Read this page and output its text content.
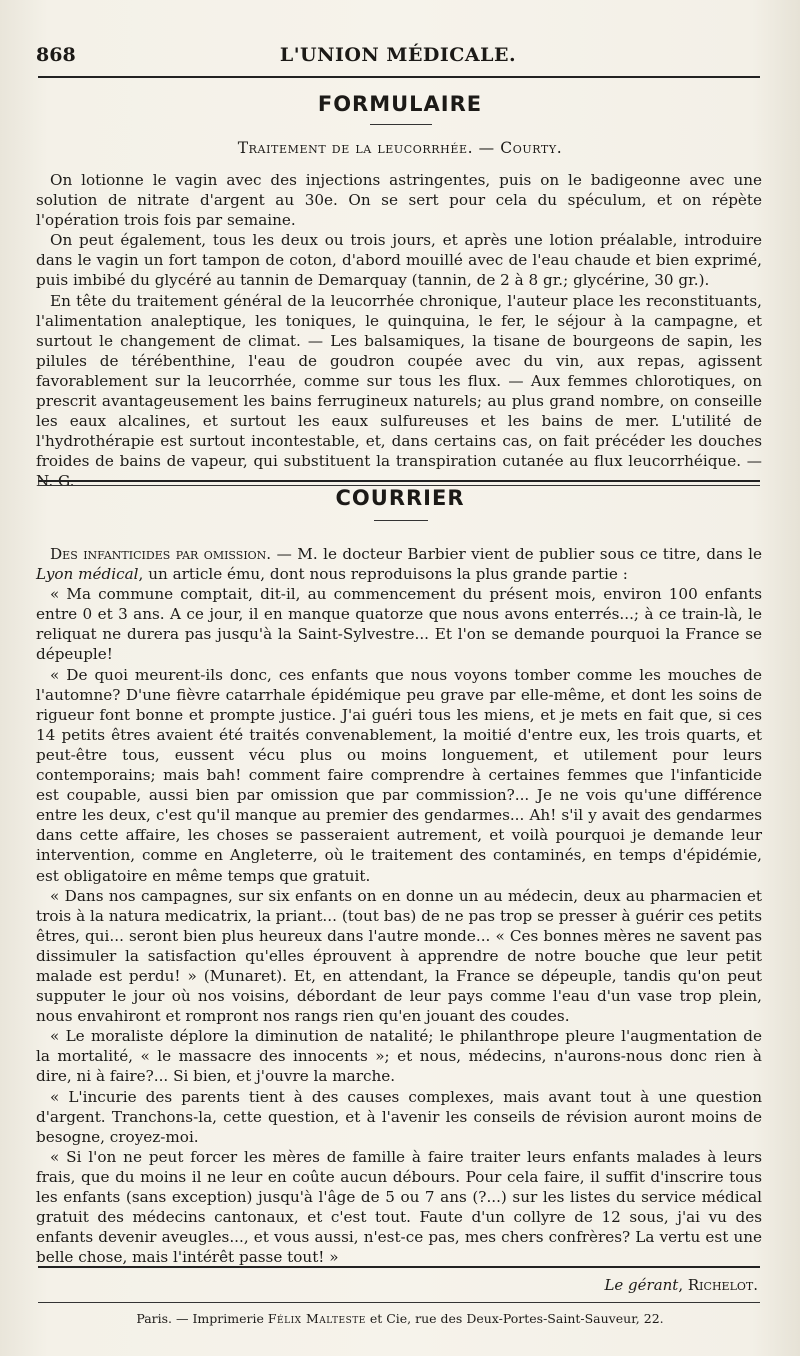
868	L'UNION MÉDICALE.
FORMULAIRE
Traitement de la leucorrhée. — Courty.

On lotionne le vagin avec des injections astringentes, puis on le badigeonne avec une solution de nitrate d'argent au 30e. On se sert pour cela du spéculum, et on répète l'opération trois fois par semaine.

On peut également, tous les deux ou trois jours, et après une lotion préalable, introduire dans le vagin un fort tampon de coton, d'abord mouillé avec de l'eau chaude et bien exprimé, puis imbibé du glycéré au tannin de Demarquay (tannin, de 2 à 8 gr.; glycérine, 30 gr.).

En tête du traitement général de la leucorrhée chronique, l'auteur place les reconstituants, l'alimentation analeptique, les toniques, le quinquina, le fer, le séjour à la campagne, et surtout le changement de climat. — Les balsamiques, la tisane de bourgeons de sapin, les pilules de térébenthine, l'eau de goudron coupée avec du vin, aux repas, agissent favorablement sur la leucorrhée, comme sur tous les flux. — Aux femmes chlorotiques, on prescrit avantageusement les bains ferrugineux naturels; au plus grand nombre, on conseille les eaux alcalines, et surtout les eaux sulfureuses et les bains de mer. L'utilité de l'hydrothérapie est surtout incontestable, et, dans certains cas, on fait précéder les douches froides de bains de vapeur, qui substituent la transpiration cutanée au flux leucorrhéique. — N. G.

COURRIER

Des infanticides par omission. — M. le docteur Barbier vient de publier sous ce titre, dans le Lyon médical, un article ému, dont nous reproduisons la plus grande partie :

« Ma commune comptait, dit-il, au commencement du présent mois, environ 100 enfants entre 0 et 3 ans. A ce jour, il en manque quatorze que nous avons enterrés...; à ce train-là, le reliquat ne durera pas jusqu'à la Saint-Sylvestre... Et l'on se demande pourquoi la France se dépeuple!

« De quoi meurent-ils donc, ces enfants que nous voyons tomber comme les mouches de l'automne? D'une fièvre catarrhale épidémique peu grave par elle-même, et dont les soins de rigueur font bonne et prompte justice. J'ai guéri tous les miens, et je mets en fait que, si ces 14 petits êtres avaient été traités convenablement, la moitié d'entre eux, les trois quarts, et peut-être tous, eussent vécu plus ou moins longuement, et utilement pour leurs contemporains; mais bah! comment faire comprendre à certaines femmes que l'infanticide est coupable, aussi bien par omission que par commission?... Je ne vois qu'une différence entre les deux, c'est qu'il manque au premier des gendarmes... Ah! s'il y avait des gendarmes dans cette affaire, les choses se passeraient autrement, et voilà pourquoi je demande leur intervention, comme en Angleterre, où le traitement des contaminés, en temps d'épidémie, est obligatoire en même temps que gratuit.

« Dans nos campagnes, sur six enfants on en donne un au médecin, deux au pharmacien et trois à la natura medicatrix, la priant... (tout bas) de ne pas trop se presser à guérir ces petits êtres, qui... seront bien plus heureux dans l'autre monde... « Ces bonnes mères ne savent pas dissimuler la satisfaction qu'elles éprouvent à apprendre de notre bouche que leur petit malade est perdu! » (Munaret). Et, en attendant, la France se dépeuple, tandis qu'on peut supputer le jour où nos voisins, débordant de leur pays comme l'eau d'un vase trop plein, nous envahiront et rompront nos rangs rien qu'en jouant des coudes.

« Le moraliste déplore la diminution de natalité; le philanthrope pleure l'augmentation de la mortalité, « le massacre des innocents »; et nous, médecins, n'aurons-nous donc rien à dire, ni à faire?... Si bien, et j'ouvre la marche.

« L'incurie des parents tient à des causes complexes, mais avant tout à une question d'argent. Tranchons-la, cette question, et à l'avenir les conseils de révision auront moins de besogne, croyez-moi.

« Si l'on ne peut forcer les mères de famille à faire traiter leurs enfants malades à leurs frais, que du moins il ne leur en coûte aucun débours. Pour cela faire, il suffit d'inscrire tous les enfants (sans exception) jusqu'à l'âge de 5 ou 7 ans (?...) sur les listes du service médical gratuit des médecins cantonaux, et c'est tout. Faute d'un collyre de 12 sous, j'ai vu des enfants devenir aveugles..., et vous aussi, n'est-ce pas, mes chers confrères? La vertu est une belle chose, mais l'intérêt passe tout! »

Le gérant, Richelot.
Paris. — Imprimerie Félix Malteste et Cie, rue des Deux-Portes-Saint-Sauveur, 22.
